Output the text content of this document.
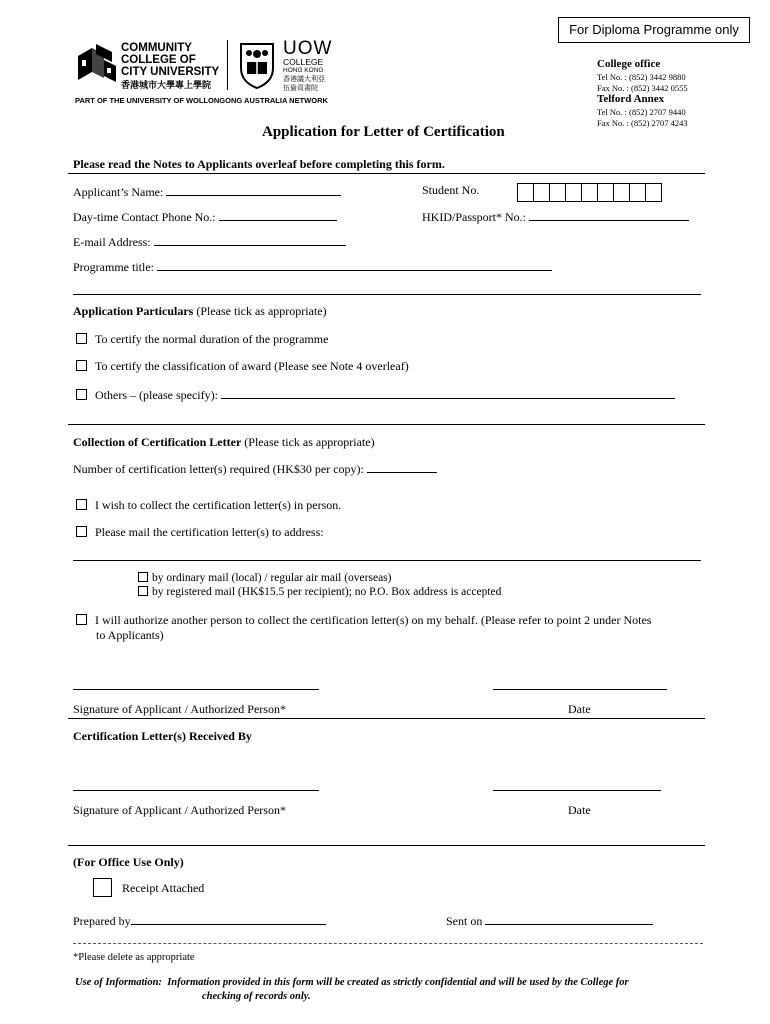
For Diploma Programme only
COMMUNITY
COLLEGE OF
CITY UNIVERSITY
香港城市大學專上學院
UOW
COLLEGE
HONG KONG
香港議大利亞
伍倫貢書院
PART OF THE UNIVERSITY OF WOLLONGONG AUSTRALIA NETWORK
College office
Tel No. : (852) 3442 9880
Fax No. : (852) 3442 0555
Telford Annex
Tel No. : (852) 2707 9440
Fax No. : (852) 2707 4243
Application for Letter of Certification
Please read the Notes to Applicants overleaf before completing this form.
Applicant’s Name:	Student No.
Day-time Contact Phone No.:	HKID/Passport* No.:
E-mail Address:
Programme title:
Application Particulars (Please tick as appropriate)
To certify the normal duration of the programme
To certify the classification of award (Please see Note 4 overleaf)
Others – (please specify):
Collection of Certification Letter (Please tick as appropriate)
Number of certification letter(s) required (HK$30 per copy):
I wish to collect the certification letter(s) in person.
Please mail the certification letter(s) to address:
by ordinary mail (local) / regular air mail (overseas)
by registered mail (HK$15.5 per recipient); no P.O. Box address is accepted
I will authorize another person to collect the certification letter(s) on my behalf. (Please refer to point 2 under Notes
to Applicants)
Signature of Applicant / Authorized Person*	Date
Certification Letter(s) Received By
Signature of Applicant / Authorized Person*	Date
(For Office Use Only)
Receipt Attached
Prepared by	Sent on
*Please delete as appropriate
Use of Information: Information provided in this form will be created as strictly confidential and will be used by the College for
checking of records only.
